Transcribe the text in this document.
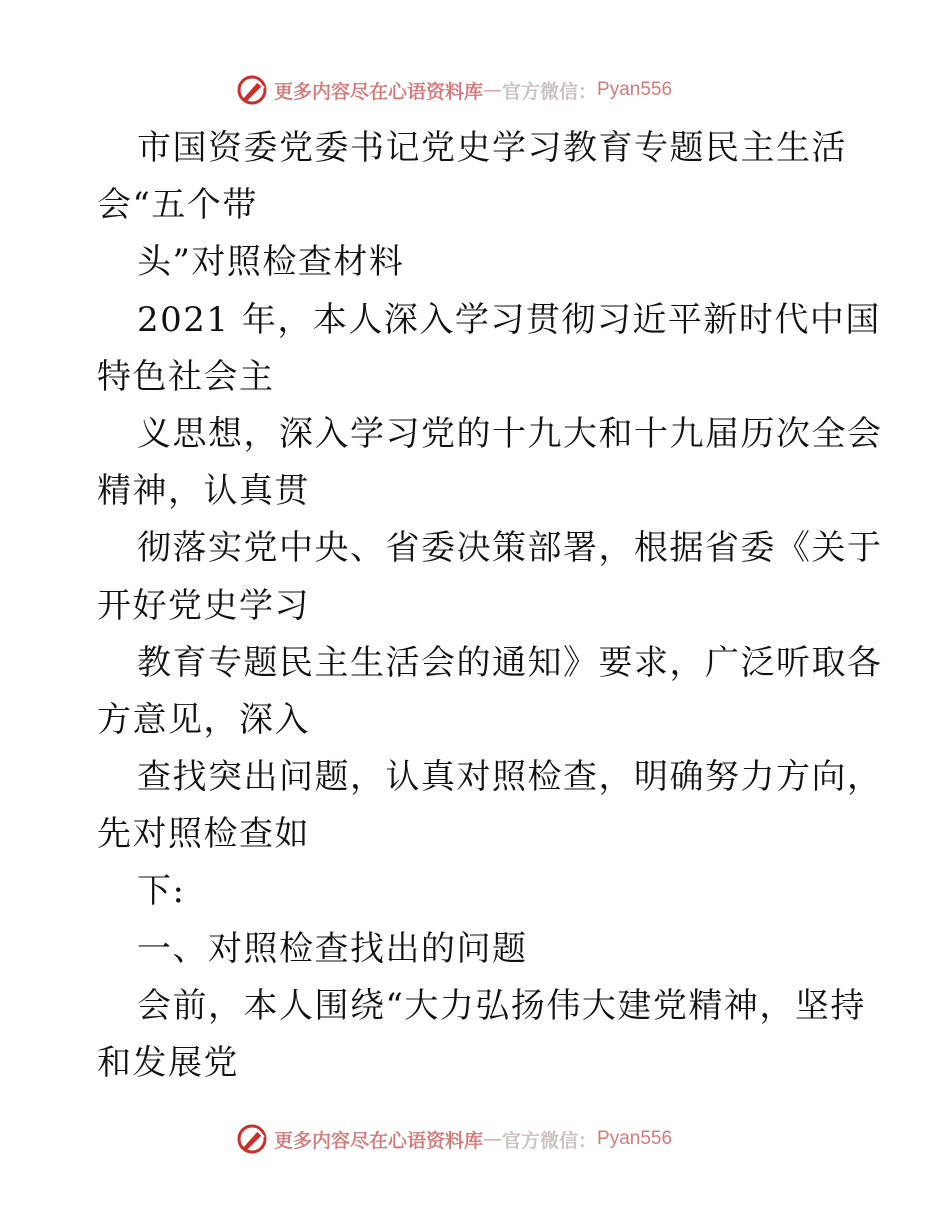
更多内容尽在心语资料库 — 官方微信： Pyan556
市国资委党委书记党史学习教育专题民主生活
会“五个带
头”对照检查材料
2021 年，本人深入学习贯彻习近平新时代中国
特色社会主
义思想，深入学习党的十九大和十九届历次全会
精神，认真贯
彻落实党中央、省委决策部署，根据省委《关于
开好党史学习
教育专题民主生活会的通知》要求，广泛听取各
方意见，深入
查找突出问题，认真对照检查，明确努力方向，
先对照检查如
下:
一、对照检查找出的问题
会前，本人围绕“大力弘扬伟大建党精神，坚持
和发展党
更多内容尽在心语资料库 — 官方微信： Pyan556
